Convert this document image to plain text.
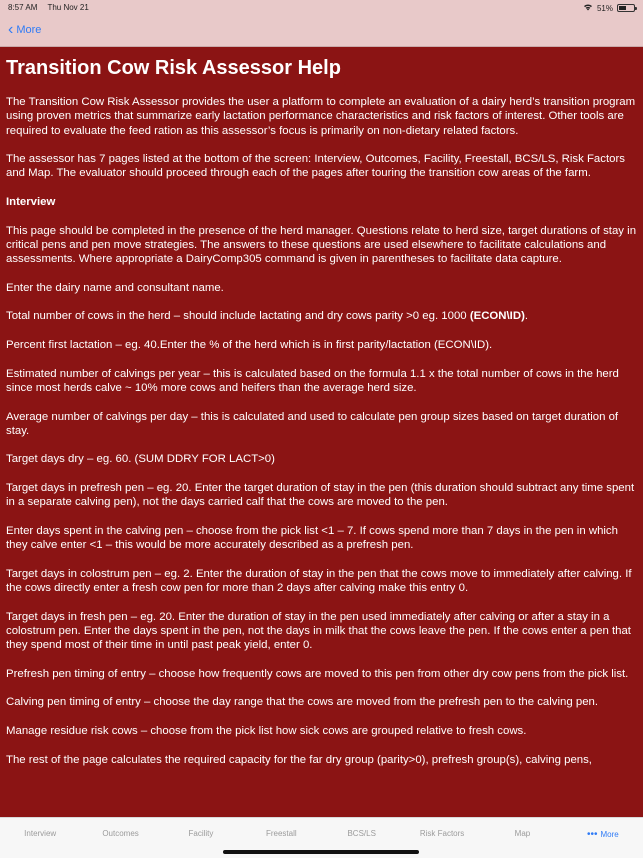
8:57 AM Thu Nov 21	51%
‹ More
Transition Cow Risk Assessor Help

The Transition Cow Risk Assessor provides the user a platform to complete an evaluation of a dairy herd’s transition program using proven metrics that summarize early lactation performance characteristics and risk factors of interest. Other tools are required to evaluate the feed ration as this assessor’s focus is primarily on non-dietary related factors.

The assessor has 7 pages listed at the bottom of the screen: Interview, Outcomes, Facility, Freestall, BCS/LS, Risk Factors and Map. The evaluator should proceed through each of the pages after touring the transition cow areas of the farm.

Interview

This page should be completed in the presence of the herd manager. Questions relate to herd size, target durations of stay in critical pens and pen move strategies. The answers to these questions are used elsewhere to facilitate calculations and assessments. Where appropriate a DairyComp305 command is given in parentheses to facilitate data capture.

Enter the dairy name and consultant name.

Total number of cows in the herd – should include lactating and dry cows parity >0 eg. 1000 (ECON\ID).

Percent first lactation – eg. 40.Enter the % of the herd which is in first parity/lactation (ECON\ID).

Estimated number of calvings per year – this is calculated based on the formula 1.1 x the total number of cows in the herd since most herds calve ~ 10% more cows and heifers than the average herd size.

Average number of calvings per day – this is calculated and used to calculate pen group sizes based on target duration of stay.

Target days dry – eg. 60. (SUM DDRY FOR LACT>0)

Target days in prefresh pen – eg. 20. Enter the target duration of stay in the pen (this duration should subtract any time spent in a separate calving pen), not the days carried calf that the cows are moved to the pen.

Enter days spent in the calving pen – choose from the pick list <1 – 7. If cows spend more than 7 days in the pen in which they calve enter <1 – this would be more accurately described as a prefresh pen.

Target days in colostrum pen – eg. 2. Enter the duration of stay in the pen that the cows move to immediately after calving. If the cows directly enter a fresh cow pen for more than 2 days after calving make this entry 0.

Target days in fresh pen – eg. 20. Enter the duration of stay in the pen used immediately after calving or after a stay in a colostrum pen. Enter the days spent in the pen, not the days in milk that the cows leave the pen. If the cows enter a pen that they spend most of their time in until past peak yield, enter 0.

Prefresh pen timing of entry – choose how frequently cows are moved to this pen from other dry cow pens from the pick list.

Calving pen timing of entry – choose the day range that the cows are moved from the prefresh pen to the calving pen.

Manage residue risk cows – choose from the pick list how sick cows are grouped relative to fresh cows.

The rest of the page calculates the required capacity for the far dry group (parity>0), prefresh group(s), calving pens,

Interview	Outcomes	Facility	Freestall	BCS/LS	Risk Factors	Map	••• More
